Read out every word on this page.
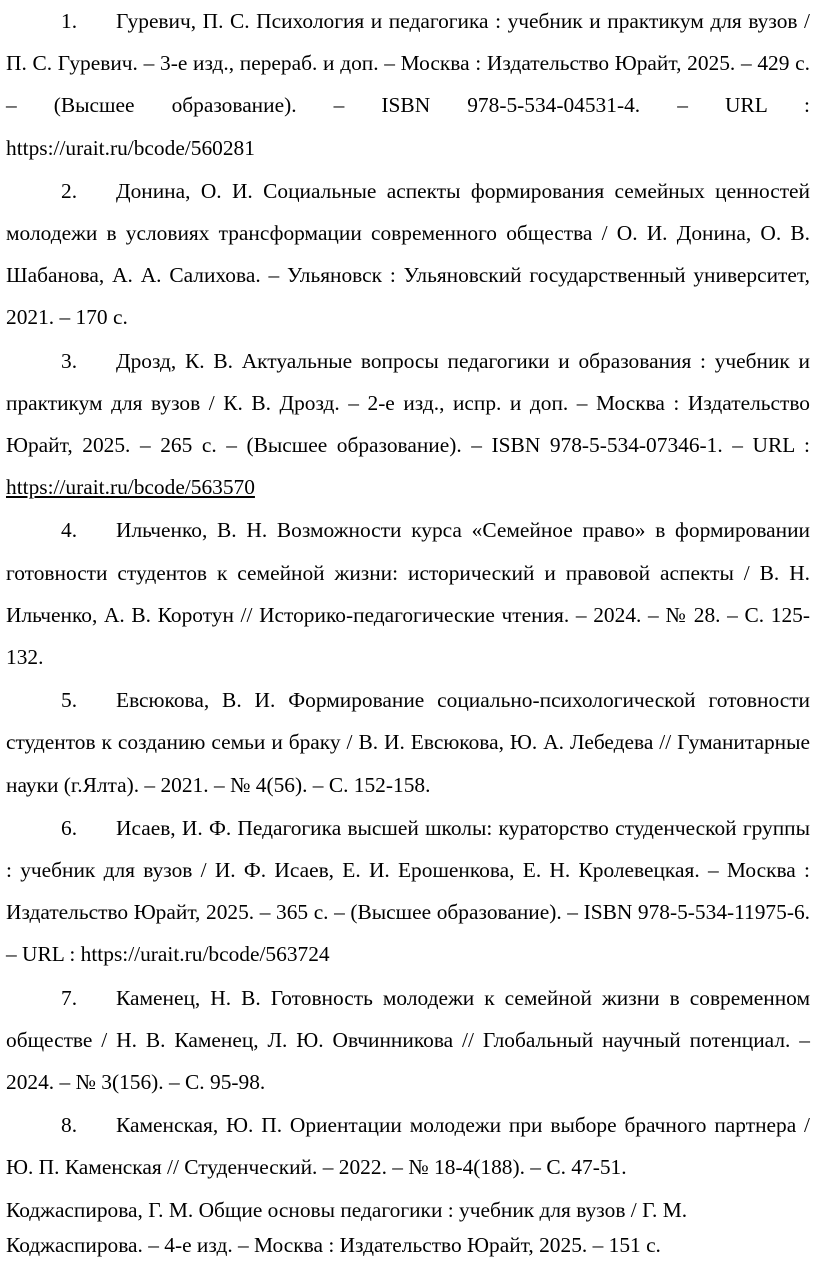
1. Гуревич, П. С. Психология и педагогика : учебник и практикум для вузов / П. С. Гуревич. – 3-е изд., перераб. и доп. – Москва : Издательство Юрайт, 2025. – 429 с. – (Высшее образование). – ISBN 978-5-534-04531-4. – URL : https://urait.ru/bcode/560281

2. Донина, О. И. Социальные аспекты формирования семейных ценностей молодежи в условиях трансформации современного общества / О. И. Донина, О. В. Шабанова, А. А. Салихова. – Ульяновск : Ульяновский государственный университет, 2021. – 170 с.

3. Дрозд, К. В. Актуальные вопросы педагогики и образования : учебник и практикум для вузов / К. В. Дрозд. – 2-е изд., испр. и доп. – Москва : Издательство Юрайт, 2025. – 265 с. – (Высшее образование). – ISBN 978-5-534-07346-1. – URL : https://urait.ru/bcode/563570

4. Ильченко, В. Н. Возможности курса «Семейное право» в формировании готовности студентов к семейной жизни: исторический и правовой аспекты / В. Н. Ильченко, А. В. Коротун // Историко-педагогические чтения. – 2024. – № 28. – С. 125-132.

5. Евсюкова, В. И. Формирование социально-психологической готовности студентов к созданию семьи и браку / В. И. Евсюкова, Ю. А. Лебедева // Гуманитарные науки (г.Ялта). – 2021. – № 4(56). – С. 152-158.

6. Исаев, И. Ф. Педагогика высшей школы: кураторство студенческой группы : учебник для вузов / И. Ф. Исаев, Е. И. Ерошенкова, Е. Н. Кролевецкая. – Москва : Издательство Юрайт, 2025. – 365 с. – (Высшее образование). – ISBN 978-5-534-11975-6. – URL : https://urait.ru/bcode/563724

7. Каменец, Н. В. Готовность молодежи к семейной жизни в современном обществе / Н. В. Каменец, Л. Ю. Овчинникова // Глобальный научный потенциал. – 2024. – № 3(156). – С. 95-98.

8. Каменская, Ю. П. Ориентации молодежи при выборе брачного партнера / Ю. П. Каменская // Студенческий. – 2022. – № 18-4(188). – С. 47-51.

Коджаспирова, Г. М. Общие основы педагогики : учебник для вузов / Г. М. Коджаспирова. – 4-е изд. – Москва : Издательство Юрайт, 2025. – 151 с.
